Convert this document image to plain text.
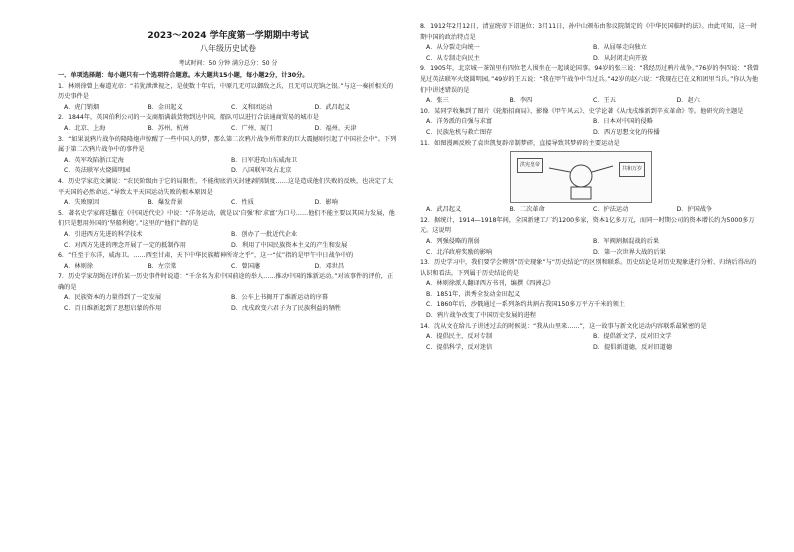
2023～2024 学年度第一学期期中考试
八年级历史试卷
考试时间：50 分钟 满分总分：50 分
一、单项选择题：每小题只有一个选项符合题意。本大题共15小题，每小题2分，计30分。
1．林则徐曾上奏道光帝：“若犹泄泄视之，是使数十年后，中原几无可以御敌之兵，且无可以充饷之银。”与这一奏折相关的历史事件是
A．虎门销烟	B．金田起义	C．义和团运动	D．武昌起义
2．1844年，英国伯利公司的一支商船满载货物到达中国，船队可以进行合法通商贸易的城市是
A．北京、上海	B．苏州、杭州	C．广州、厦门	D．福州、天津
3．“如果说鸦片战争的隆隆炮声惊醒了一些中国人的梦，那么第二次鸦片战争所带来的巨大震撼则引起了中国社会中”。下列属于第二次鸦片战争中的事件是
A．英军攻陷浙江定海	B．日军进攻山东威海卫
C．英法联军火烧圆明园	D．八国联军攻占北京
4．历史学家范文澜说：“农民阶级由于它的局限性，不能彻底消灭封建剥削制度……这是造成他们失败的反映，也决定了太平天国的必然命运。”导致太平天国运动失败的根本原因是
A．失败原因	B．爆发背景	C．性质	D．影响
5．著名史学家蒋廷黻在《中国近代史》中说：“洋务运动，就是以‘自强’和‘求富’为口号……他们不能主要以其国力发展，他们只是想用外国的‘坚船利炮’。”这里的“他们”指的是
A．引进西方先进的科学技术	B．创办了一批近代企业
C．对西方先进的理念开展了一定的抵制作用	D．利用了中国民族资本主义的产生和发展
6．“任至于东洋，威海卫。……西至甘肃，天下中华民族精神所寄之乎”，这一“仗”指的是甲午中日战争中的
A．林则徐	B．左宗棠	C．曾国藩	D．邓世昌
7．历史学家胡绳在评价某一历史事件时说道：“千余名为求中国前途的举人……推动中国的维新运动。”对该事件的评价，正确的是
A．民族资本的力量得到了一定发展	B．公车上书揭开了维新运动的序幕
C．百日维新起到了思想启蒙的作用	D．戊戌政变六君子为了民族利益的牺牲
8．1912年2月12日，清宣统帝下诏退位；3月11日，孙中山颁布由参议院制定的《中华民国临时约法》。由此可知，这一时期中国的政治特点是
A．从分裂走向统一	B．从屈辱走向独立
C．从专制走向民主	D．从封闭走向开放
9．1905年，北京城一茶馆里有四位老人围坐在一起谈论国事。94岁的张三说：“我经历过鸦片战争。”76岁的李四说：“我曾见过英法联军火烧圆明园。”49岁的王五说：“我在甲午战争中当过兵。”42岁的赵六说：“我现在已在义和团里当兵。”你认为他们中讲述错误的是
A．张三	B．李四	C．王五	D．赵六
10．某同学收集到了图片《轮船招商局》、影像《甲午风云》、史学论著《从戊戌维新到辛亥革命》等。他研究的主题是
A．洋务派的自强与求富	B．日本对中国的侵略
C．民族危机与救亡图存	D．西方思想文化的传播
11．如图漫画反映了袁世凯复辟帝制梦碎，直接导致其梦碎的主要运动是
洪宪皇帝
共和万岁
A．武昌起义	B．二次革命	C．护法运动	D．护国战争
12．据统计，1914—1918年间，全国新建工厂约1200多家，资本1亿多万元，而同一时期公司的资本增长约为5000多万元。这说明
A．列强侵略的削弱	B．军阀割据混战的后果
C．北洋政府奖励的影响	D．第一次世界大战的后果
13．历史学习中，我们要学会辨别“历史现象”与“历史结论”的区别和联系。历史结论是对历史现象进行分析、归纳后得出的认识和看法。下列属于历史结论的是
A．林则徐派人翻译西方书刊，编撰《四洲志》
B．1851年，洪秀全发动金田起义
C．1860年后，沙俄通过一系列条约共割占我国150多万平方千米的领土
D．鸦片战争改变了中国历史发展的进程
14．沈从文在给儿子讲述过去的时候说：“我从山里来……”，这一故事与新文化运动内容联系最紧密的是
A．提倡民主，反对专制	B．提倡新文学，反对旧文学
C．提倡科学，反对迷信	D．提倡新道德，反对旧道德
